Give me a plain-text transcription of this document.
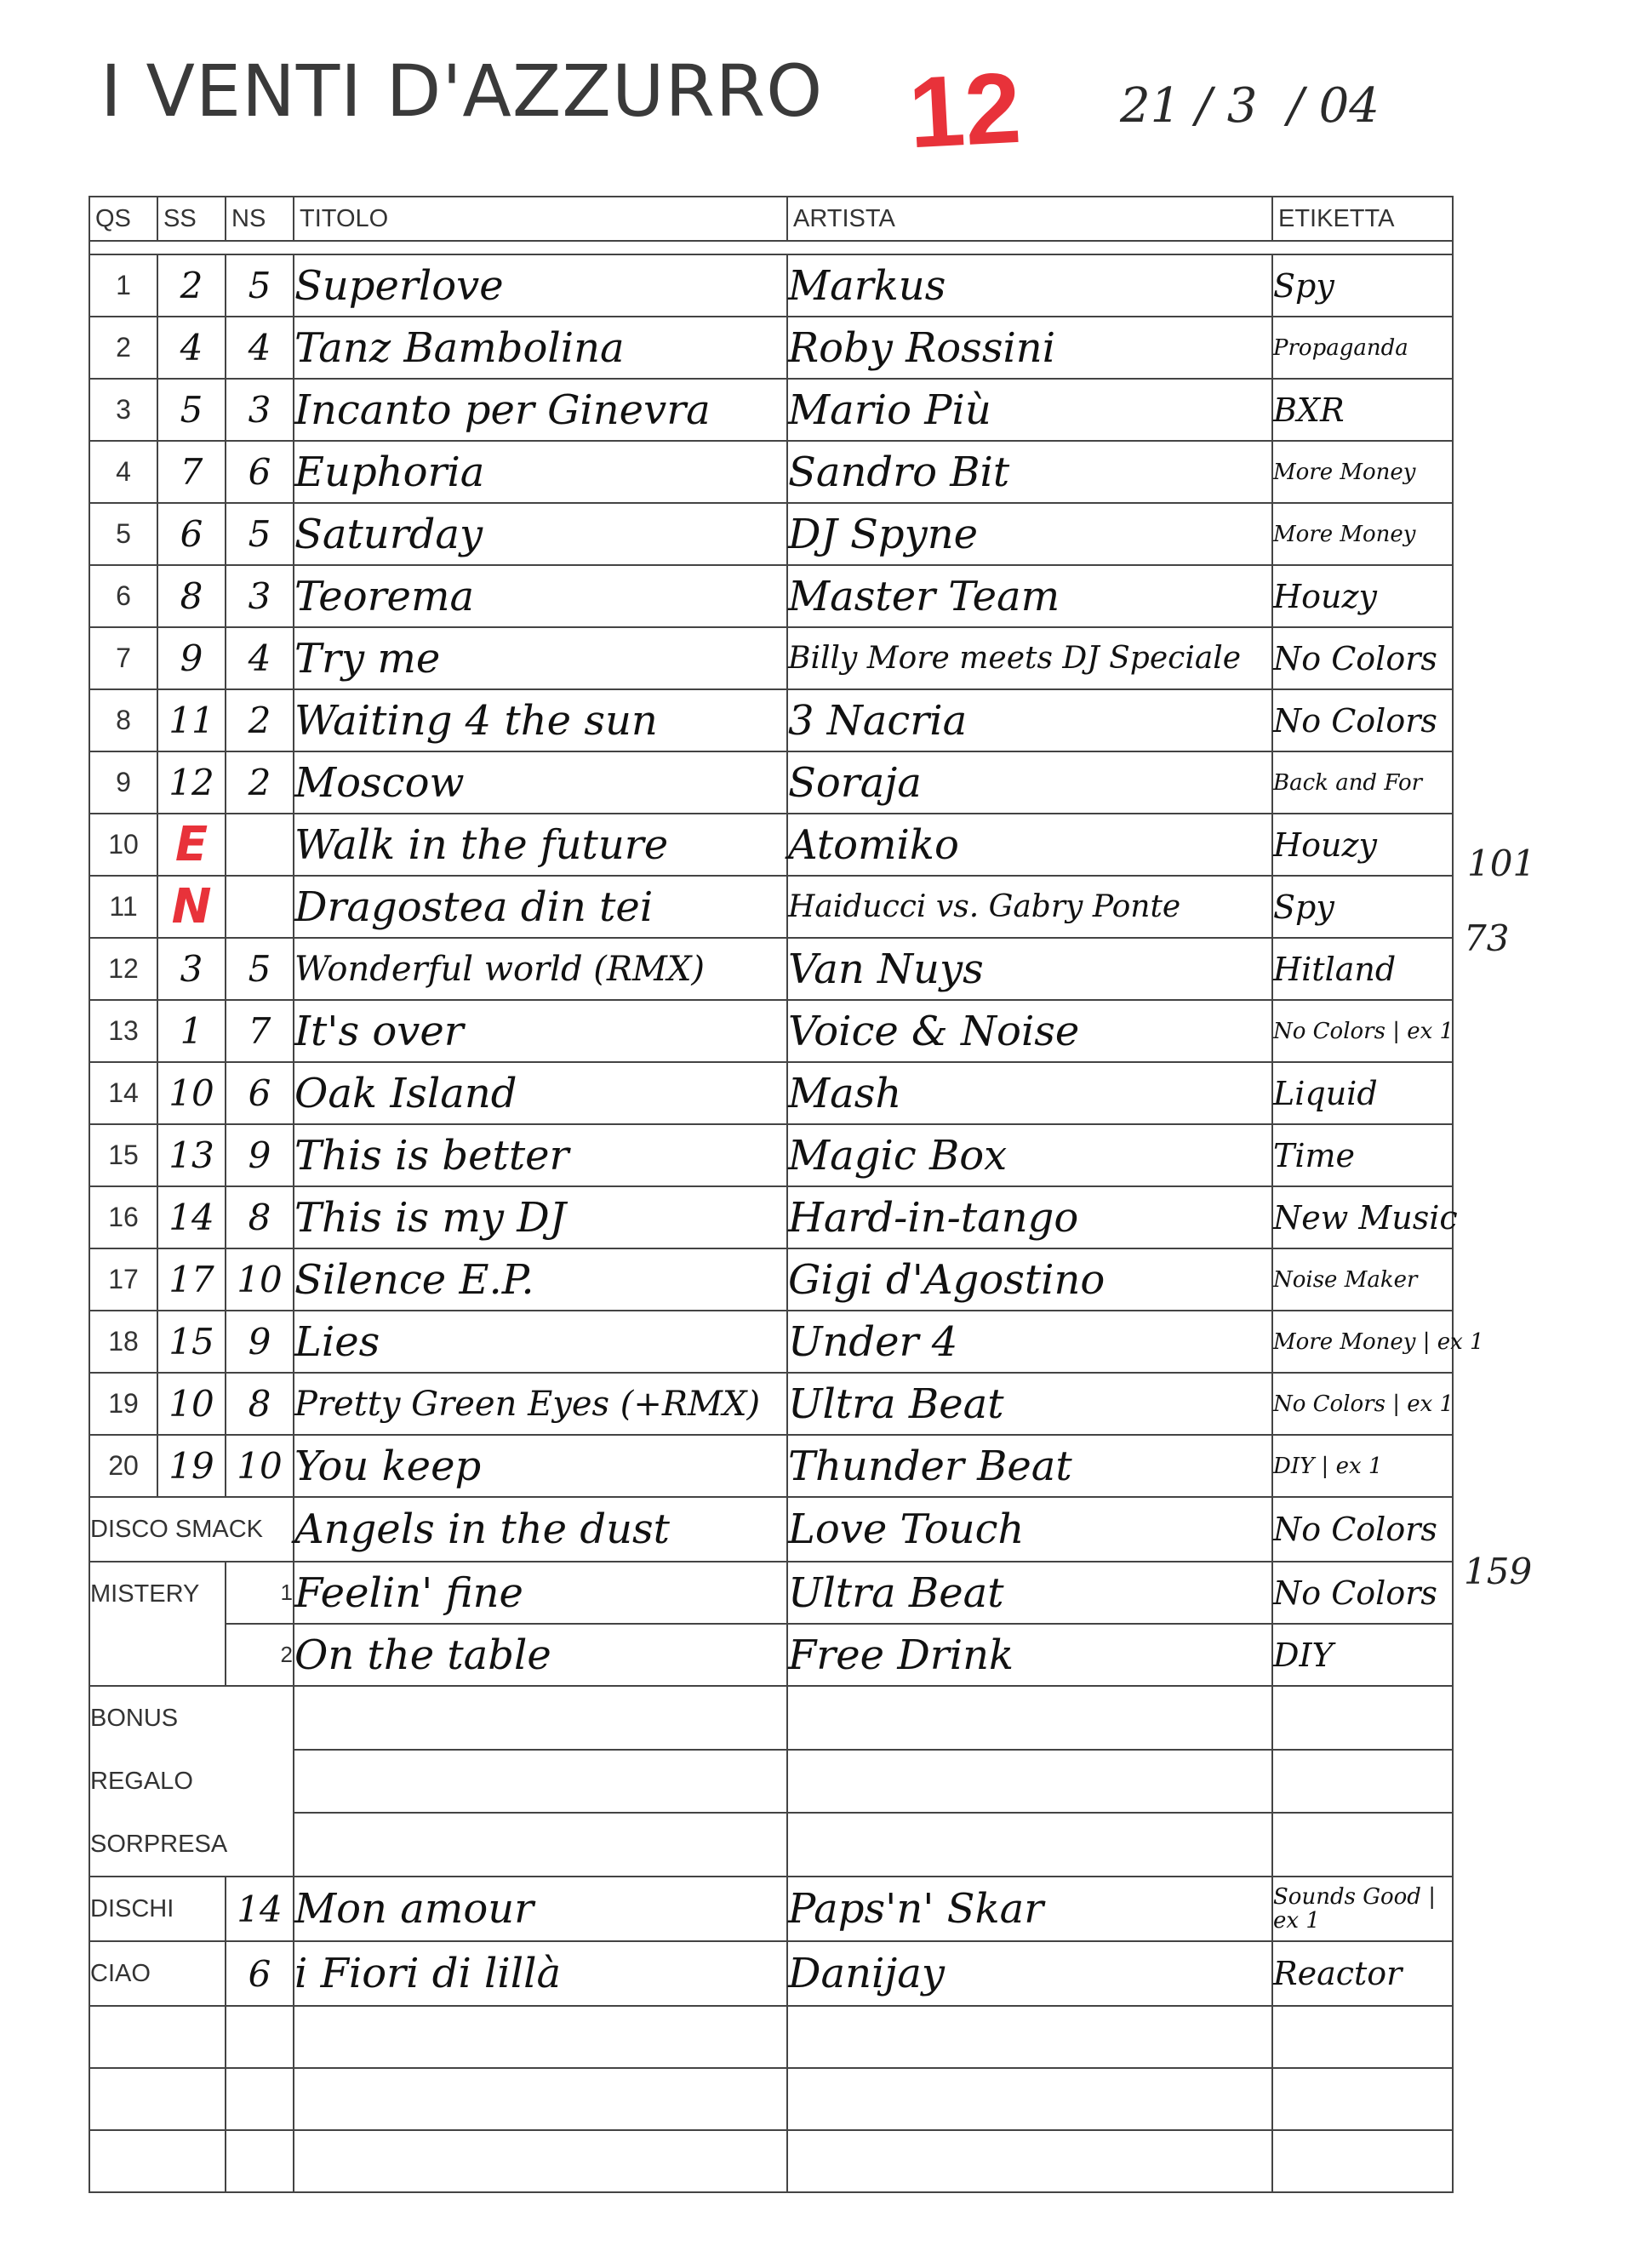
I VENTI D'AZZURRO 12 21 / 3  / 04
QS	SS	NS	TITOLO	ARTISTA	ETIKETTA

1	2	5	Superlove	Markus	Spy
2	4	4	Tanz Bambolina	Roby Rossini	Propaganda
3	5	3	Incanto per Ginevra	Mario Più	BXR
4	7	6	Euphoria	Sandro Bit	More Money
5	6	5	Saturday	DJ Spyne	More Money
6	8	3	Teorema	Master Team	Houzy
7	9	4	Try me	Billy More meets DJ Speciale	No Colors
8	11	2	Waiting 4 the sun	3 Nacria	No Colors
9	12	2	Moscow	Soraja	Back and For
10	E		Walk in the future	Atomiko	Houzy
11	N		Dragostea din tei	Haiducci vs. Gabry Ponte	Spy
12	3	5	Wonderful world (RMX)	Van Nuys	Hitland
13	1	7	It's over	Voice & Noise	No Colors | ex 1
14	10	6	Oak Island	Mash	Liquid
15	13	9	This is better	Magic Box	Time
16	14	8	This is my DJ	Hard-in-tango	New Music
17	17	10	Silence E.P.	Gigi d'Agostino	Noise Maker
18	15	9	Lies	Under 4	More Money | ex 1
19	10	8	Pretty Green Eyes (+RMX)	Ultra Beat	No Colors | ex 1
20	19	10	You keep	Thunder Beat	DIY | ex 1
DISCO SMACK			Angels in the dust	Love Touch	No Colors
MISTERY		1	Feelin' fine	Ultra Beat	No Colors
		2	On the table	Free Drink	DIY

BONUS
REGALO
SORPRESA					

DISCHI		14	Mon amour	Paps'n' Skar	Sounds Good | ex 1
CIAO		6	i Fiori di lillà	Danijay	Reactor

101
73
159
